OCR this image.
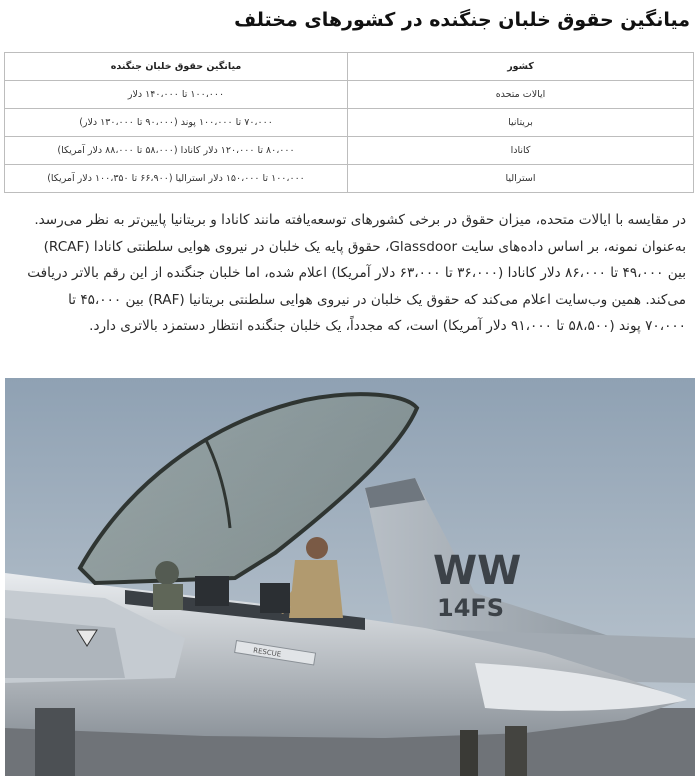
میانگین حقوق خلبان جنگنده در کشورهای مختلف
کشور	میانگین حقوق خلبان جنگنده
ایالات متحده	۱۰۰،۰۰۰ تا ۱۴۰،۰۰۰ دلار
بریتانیا	۷۰،۰۰۰ تا ۱۰۰،۰۰۰ پوند (۹۰،۰۰۰ تا ۱۳۰،۰۰۰ دلار)
کانادا	۸۰،۰۰۰ تا ۱۲۰،۰۰۰ دلار کانادا (۵۸،۰۰۰ تا ۸۸،۰۰۰ دلار آمریکا)
استرالیا	۱۰۰،۰۰۰ تا ۱۵۰،۰۰۰ دلار استرالیا (۶۶،۹۰۰ تا ۱۰۰،۳۵۰ دلار آمریکا)
در مقایسه با ایالات متحده، میزان حقوق در برخی کشورهای توسعه‌یافته مانند کانادا و بریتانیا پایین‌تر به نظر می‌رسد.
به‌عنوان نمونه، بر اساس داده‌های سایت Glassdoor، حقوق پایه یک خلبان در نیروی هوایی سلطنتی کانادا (RCAF)
بین ۴۹،۰۰۰ تا ۸۶،۰۰۰ دلار کانادا (۳۶،۰۰۰ تا ۶۳،۰۰۰ دلار آمریکا) اعلام شده، اما خلبان جنگنده از این رقم بالاتر دریافت
می‌کند. همین وب‌سایت اعلام می‌کند که حقوق یک خلبان در نیروی هوایی سلطنتی بریتانیا (RAF) بین ۴۵،۰۰۰ تا
۷۰،۰۰۰ پوند (۵۸،۵۰۰ تا ۹۱،۰۰۰ دلار آمریکا) است، که مجدداً، یک خلبان جنگنده انتظار دستمزد بالاتری دارد.
WW
14FS
RESCUE
